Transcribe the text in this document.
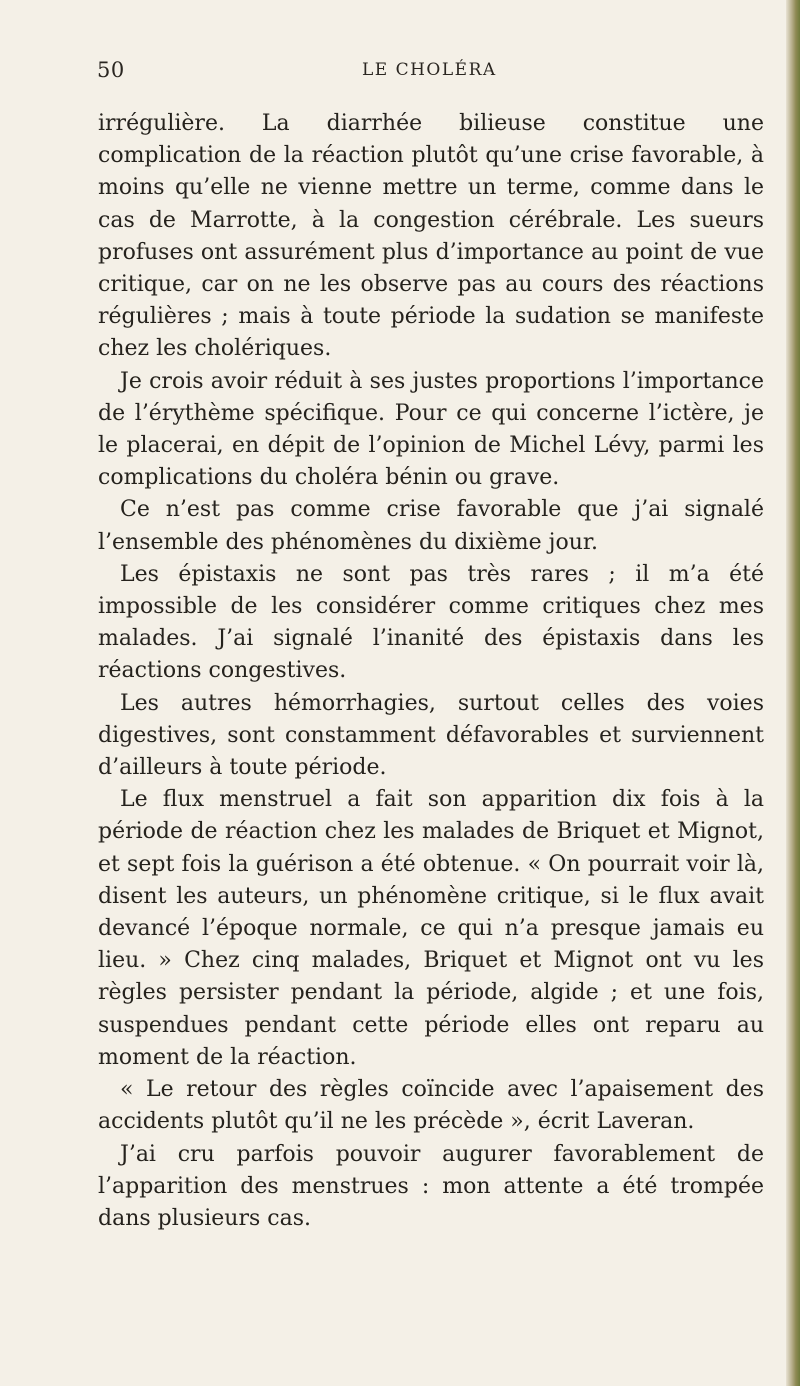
50	LE CHOLÉRA

irrégulière. La diarrhée bilieuse constitue une complication de la réaction plutôt qu’une crise favorable, à moins qu’elle ne vienne mettre un terme, comme dans le cas de Marrotte, à la congestion cérébrale. Les sueurs profuses ont assurément plus d’importance au point de vue critique, car on ne les observe pas au cours des réactions régulières ; mais à toute période la sudation se manifeste chez les cholériques.

Je crois avoir réduit à ses justes proportions l’importance de l’érythème spécifique. Pour ce qui concerne l’ictère, je le placerai, en dépit de l’opinion de Michel Lévy, parmi les complications du choléra bénin ou grave.

Ce n’est pas comme crise favorable que j’ai signalé l’ensemble des phénomènes du dixième jour.

Les épistaxis ne sont pas très rares ; il m’a été impossible de les considérer comme critiques chez mes malades. J’ai signalé l’inanité des épistaxis dans les réactions congestives.

Les autres hémorrhagies, surtout celles des voies digestives, sont constamment défavorables et surviennent d’ailleurs à toute période.

Le flux menstruel a fait son apparition dix fois à la période de réaction chez les malades de Briquet et Mignot, et sept fois la guérison a été obtenue. « On pourrait voir là, disent les auteurs, un phénomène critique, si le flux avait devancé l’époque normale, ce qui n’a presque jamais eu lieu. » Chez cinq malades, Briquet et Mignot ont vu les règles persister pendant la période, algide ; et une fois, suspendues pendant cette période elles ont reparu au moment de la réaction.

« Le retour des règles coïncide avec l’apaisement des accidents plutôt qu’il ne les précède », écrit Laveran.

J’ai cru parfois pouvoir augurer favorablement de l’apparition des menstrues : mon attente a été trompée dans plusieurs cas.
